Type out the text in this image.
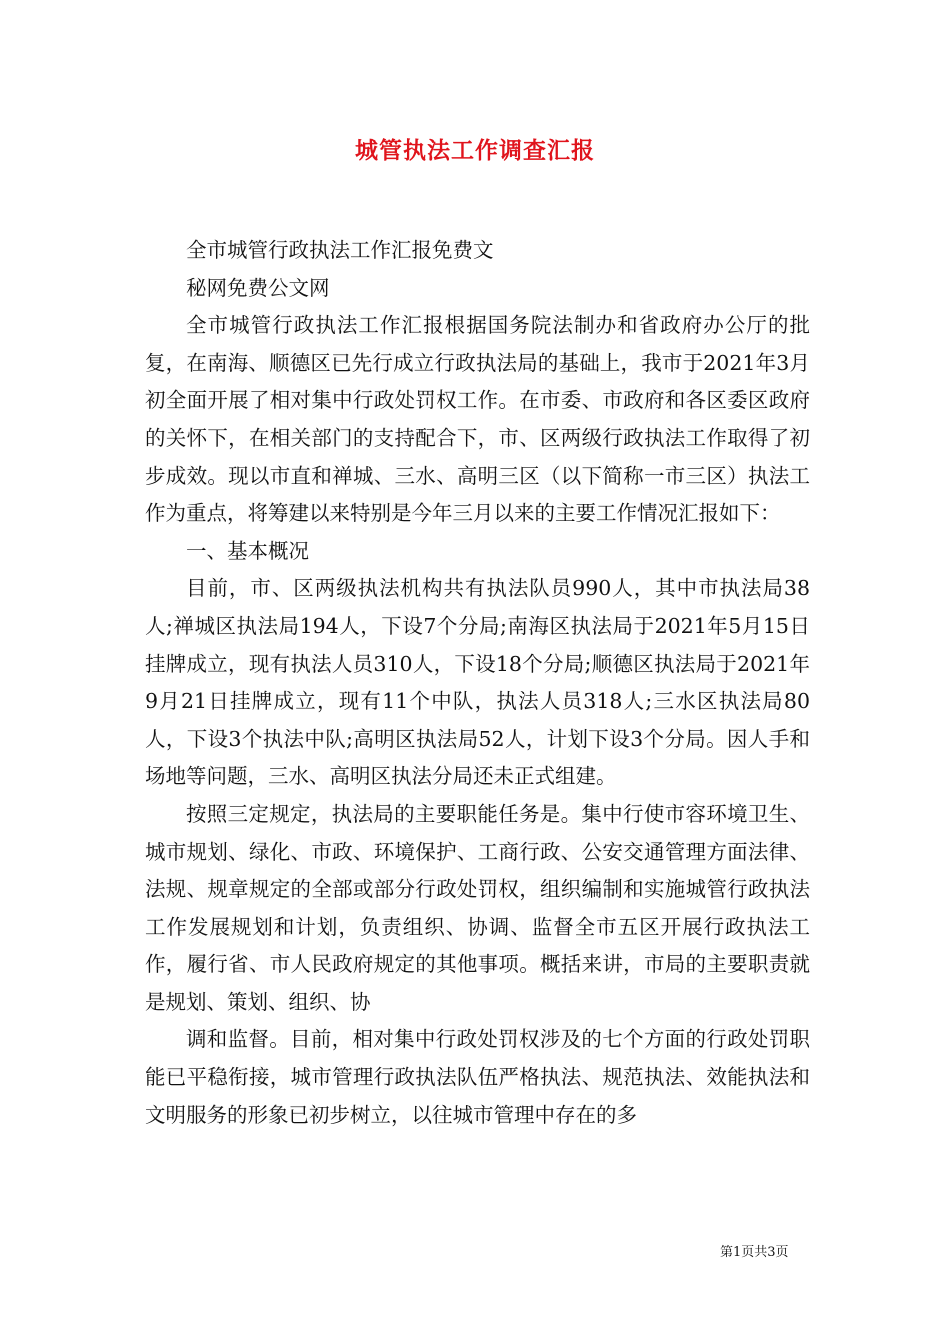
城管执法工作调查汇报

全市城管行政执法工作汇报免费文

秘网免费公文网

全市城管行政执法工作汇报根据国务院法制办和省政府办公厅的批复，在南海、顺德区已先行成立行政执法局的基础上，我市于2021年3月初全面开展了相对集中行政处罚权工作。在市委、市政府和各区委区政府的关怀下，在相关部门的支持配合下，市、区两级行政执法工作取得了初步成效。现以市直和禅城、三水、高明三区（以下简称一市三区）执法工作为重点，将筹建以来特别是今年三月以来的主要工作情况汇报如下：

一、基本概况

目前，市、区两级执法机构共有执法队员990人，其中市执法局38人;禅城区执法局194人，下设7个分局;南海区执法局于2021年5月15日挂牌成立，现有执法人员310人，下设18个分局;顺德区执法局于2021年9月21日挂牌成立，现有11个中队，执法人员318人;三水区执法局80人，下设3个执法中队;高明区执法局52人，计划下设3个分局。因人手和场地等问题，三水、高明区执法分局还未正式组建。

按照三定规定，执法局的主要职能任务是。集中行使市容环境卫生、城市规划、绿化、市政、环境保护、工商行政、公安交通管理方面法律、法规、规章规定的全部或部分行政处罚权，组织编制和实施城管行政执法工作发展规划和计划，负责组织、协调、监督全市五区开展行政执法工作，履行省、市人民政府规定的其他事项。概括来讲，市局的主要职责就是规划、策划、组织、协

调和监督。目前，相对集中行政处罚权涉及的七个方面的行政处罚职能已平稳衔接，城市管理行政执法队伍严格执法、规范执法、效能执法和文明服务的形象已初步树立，以往城市管理中存在的多

第1页共3页
